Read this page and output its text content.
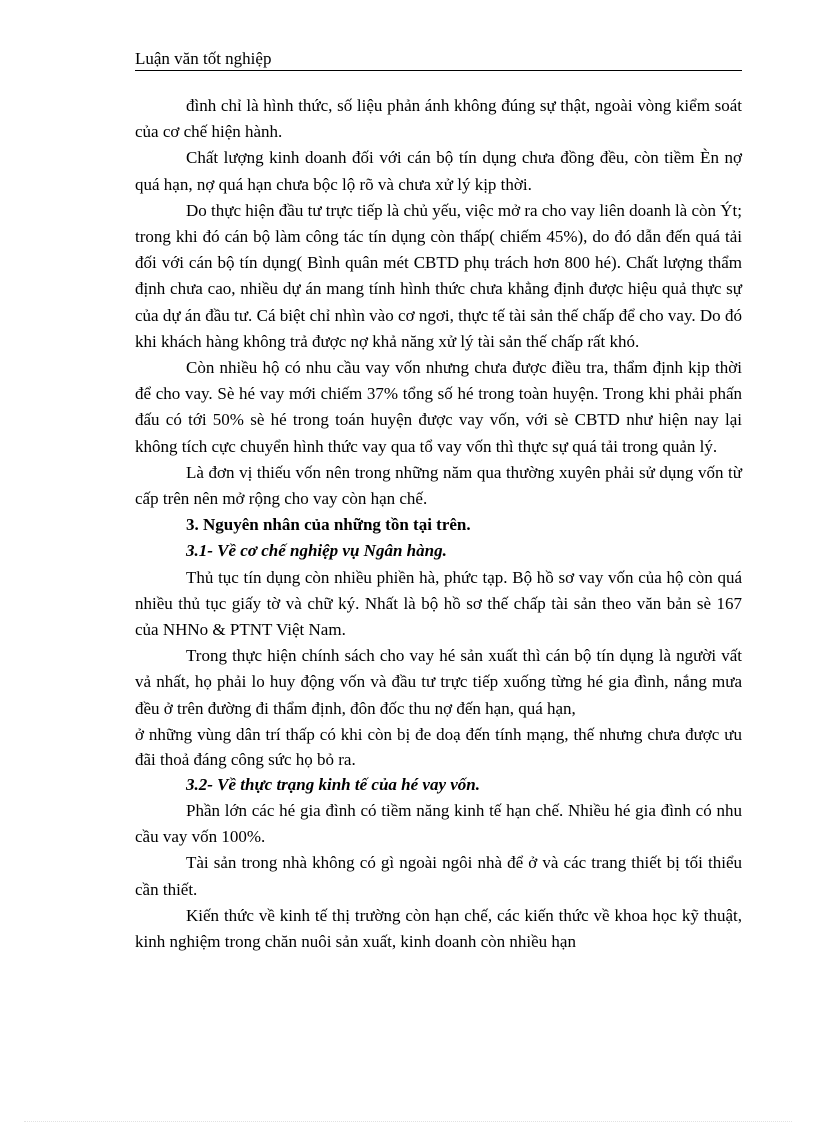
Luận văn tốt nghiệp

đình chỉ là hình thức, số liệu phản ánh không đúng sự thật, ngoài vòng kiểm soát của cơ chế hiện hành.

Chất lượng kinh doanh đối với cán bộ tín dụng chưa đồng đều, còn tiềm Èn nợ quá hạn, nợ quá hạn chưa bộc lộ rõ và chưa xử lý kịp thời.

Do thực hiện đầu tư trực tiếp là chủ yếu, việc mở ra cho vay liên doanh là còn Ýt; trong khi đó cán bộ làm công tác tín dụng còn thấp( chiếm 45%), do đó dẫn đến quá tải đối với cán bộ tín dụng( Bình quân mét CBTD phụ trách hơn 800 hé). Chất lượng thẩm định chưa cao, nhiều dự án mang tính hình thức chưa khẳng định được hiệu quả thực sự của dự án đầu tư. Cá biệt chỉ nhìn vào cơ ngơi, thực tế tài sản thế chấp để cho vay. Do đó khi khách hàng không trả được nợ khả năng xử lý tài sản thế chấp rất khó.

Còn nhiều hộ có nhu cầu vay vốn nhưng chưa được điều tra, thẩm định kịp thời để cho vay. Sè hé vay mới chiếm 37% tổng số hé trong toàn huyện. Trong khi phải phấn đấu có tới 50% sè hé trong toán huyện được vay vốn, với sè CBTD như hiện nay lại không tích cực chuyển hình thức vay qua tổ vay vốn thì thực sự quá tải trong quản lý.

Là đơn vị thiếu vốn nên trong những năm qua thường xuyên phải sử dụng vốn từ cấp trên nên mở rộng cho vay còn hạn chế.

3. Nguyên nhân của những tồn tại trên.

3.1- Về cơ chế nghiệp vụ Ngân hàng.

Thủ tục tín dụng còn nhiều phiền hà, phức tạp. Bộ hồ sơ vay vốn của hộ còn quá nhiều thủ tục giấy tờ và chữ ký. Nhất là bộ hồ sơ thế chấp tài sản theo văn bản sè 167 của NHNo & PTNT Việt Nam.

Trong thực hiện chính sách cho vay hé sản xuất thì cán bộ tín dụng là người vất vả nhất, họ phải lo huy động vốn và đầu tư trực tiếp xuống từng hé gia đình, nắng mưa đều ở trên đường đi thẩm định, đôn đốc thu nợ đến hạn, quá hạn,

ở những vùng dân trí thấp có khi còn bị đe doạ đến tính mạng, thế nhưng chưa được ưu đãi thoả đáng công sức họ bỏ ra.

3.2- Về thực trạng kinh tế của hé vay vốn.

Phần lớn các hé gia đình có tiềm năng kinh tế hạn chế. Nhiều hé gia đình có nhu cầu vay vốn 100%.

Tài sản trong nhà không có gì ngoài ngôi nhà để ở và các trang thiết bị tối thiểu cần thiết.

Kiến thức về kinh tế thị trường còn hạn chế, các kiến thức về khoa học kỹ thuật, kinh nghiệm trong chăn nuôi sản xuất, kinh doanh còn nhiều hạn
